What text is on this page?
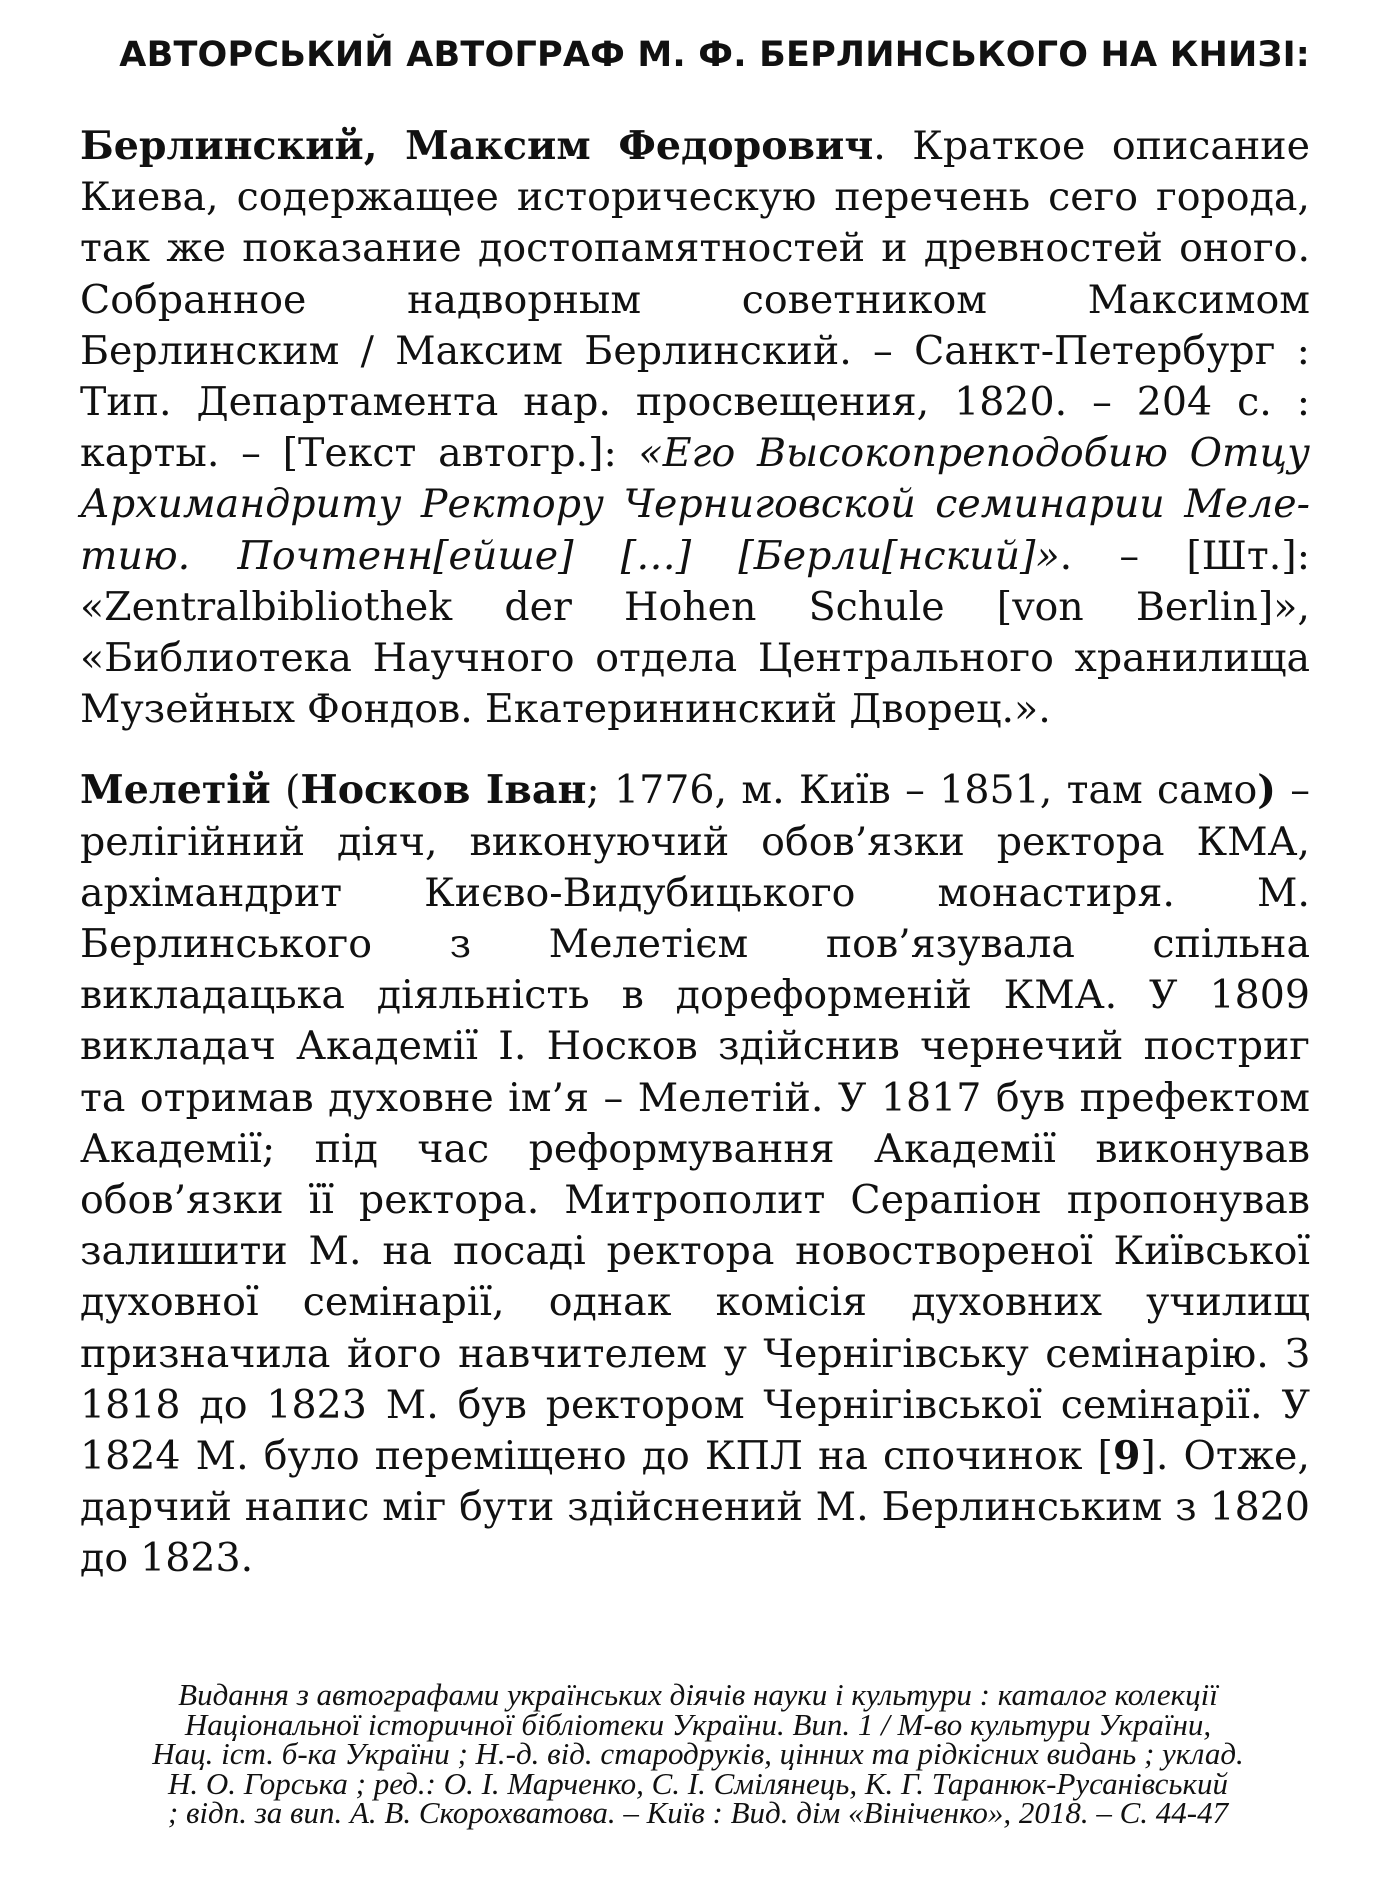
АВТОРСЬКИЙ АВТОГРАФ М. Ф. БЕРЛИНСЬКОГО НА КНИЗІ:

Берлинский, Максим Федорович. Краткое описание Киева, содержащее историческую перечень сего города, так же показание достопамятностей и древностей оного. Собранное надворным советником Максимом Берлинским / Максим Берлинский. – Санкт-Петербург : Тип. Департамента нар. просвещения, 1820. – 204 с. : карты. – [Текст автогр.]: «Его Высокопреподобию Отцу Архимандриту Ректору Черниговской семинарии Мелетию. Почтенн[ейше] […] [Берли[нский]». – [Шт.]: «Zentralbibliothek der Hohen Schule [von Berlin]», «Библиотека Научного отдела Центрального хранилища Музейных Фондов. Екатерининский Дворец.».

Мелетій (Носков Іван; 1776, м. Київ – 1851, там само) – релігійний діяч, виконуючий обов’язки ректора КМА, архімандрит Києво-Видубицького монастиря. М. Берлинського з Мелетієм пов’язувала спільна викладацька діяльність в дореформеній КМА. У 1809 викладач Академії І. Носков здійснив чернечий постриг та отримав духовне ім’я – Мелетій. У 1817 був префектом Академії; під час реформування Академії виконував обов’язки її ректора. Митрополит Серапіон пропонував залишити М. на посаді ректора новоствореної Київської духовної семінарії, однак комісія духовних училищ призначила його навчителем у Чернігівську семінарію. З 1818 до 1823 М. був ректором Чернігівської семінарії. У 1824 М. було переміщено до КПЛ на спочинок [9]. Отже, дарчий напис міг бути здійснений М. Берлинським з 1820 до 1823.

Видання з автографами українських діячів науки і культури : каталог колекції
Національної історичної бібліотеки України. Вип. 1 / М-во культури України,
Нац. іст. б-ка України ; Н.-д. від. стародруків, цінних та рідкісних видань ; уклад.
Н. О. Горська ; ред.: О. І. Марченко, С. І. Смілянець, К. Г. Таранюк-Русанівський
; відп. за вип. А. В. Скорохватова. – Київ : Вид. дім «Вініченко», 2018. – С. 44-47
